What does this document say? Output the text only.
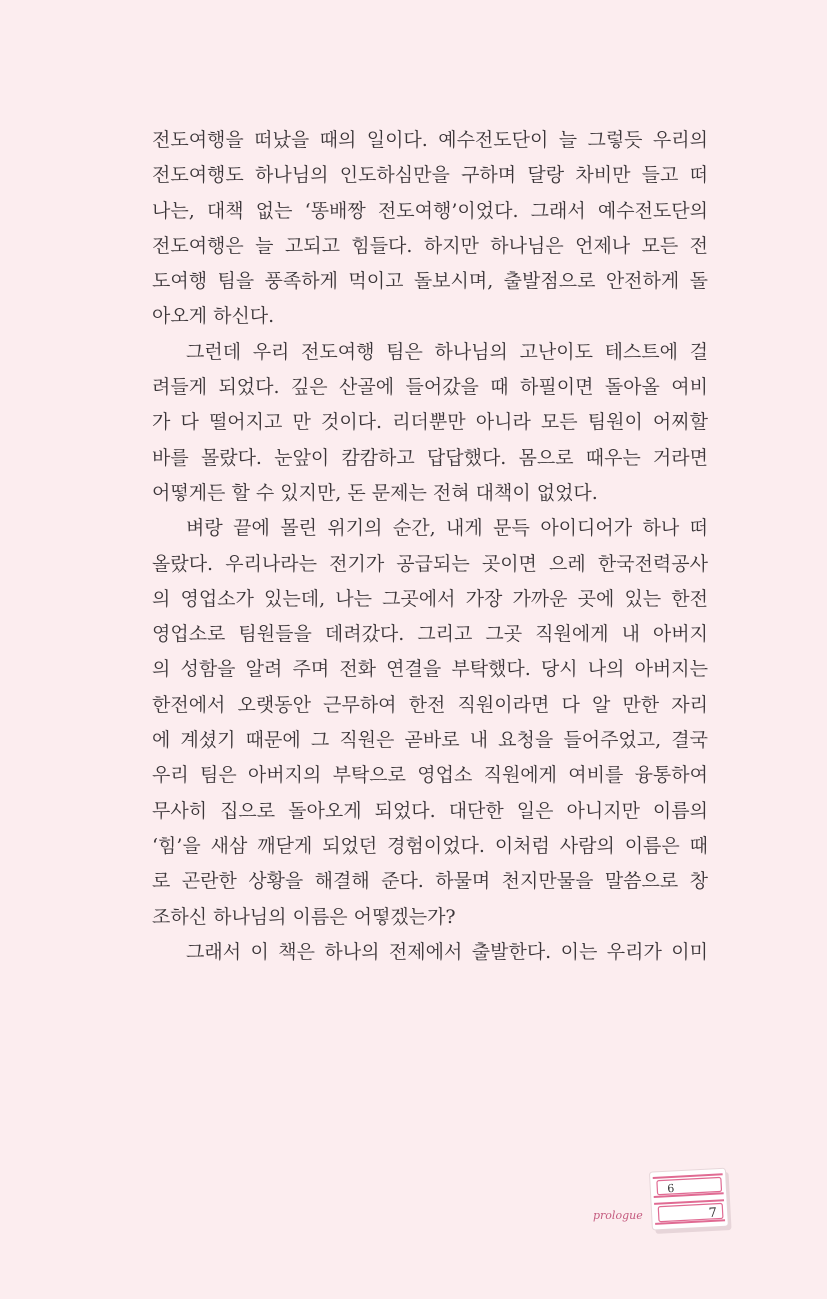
전도여행을 떠났을 때의 일이다. 예수전도단이 늘 그렇듯 우리의
전도여행도 하나님의 인도하심만을 구하며 달랑 차비만 들고 떠
나는, 대책 없는 ‘똥배짱 전도여행’이었다. 그래서 예수전도단의
전도여행은 늘 고되고 힘들다. 하지만 하나님은 언제나 모든 전
도여행 팀을 풍족하게 먹이고 돌보시며, 출발점으로 안전하게 돌
아오게 하신다.
그런데 우리 전도여행 팀은 하나님의 고난이도 테스트에 걸
려들게 되었다. 깊은 산골에 들어갔을 때 하필이면 돌아올 여비
가 다 떨어지고 만 것이다. 리더뿐만 아니라 모든 팀원이 어찌할
바를 몰랐다. 눈앞이 캄캄하고 답답했다. 몸으로 때우는 거라면
어떻게든 할 수 있지만, 돈 문제는 전혀 대책이 없었다.
벼랑 끝에 몰린 위기의 순간, 내게 문득 아이디어가 하나 떠
올랐다. 우리나라는 전기가 공급되는 곳이면 으레 한국전력공사
의 영업소가 있는데, 나는 그곳에서 가장 가까운 곳에 있는 한전
영업소로 팀원들을 데려갔다. 그리고 그곳 직원에게 내 아버지
의 성함을 알려 주며 전화 연결을 부탁했다. 당시 나의 아버지는
한전에서 오랫동안 근무하여 한전 직원이라면 다 알 만한 자리
에 계셨기 때문에 그 직원은 곧바로 내 요청을 들어주었고, 결국
우리 팀은 아버지의 부탁으로 영업소 직원에게 여비를 융통하여
무사히 집으로 돌아오게 되었다. 대단한 일은 아니지만 이름의
‘힘’을 새삼 깨닫게 되었던 경험이었다. 이처럼 사람의 이름은 때
로 곤란한 상황을 해결해 준다. 하물며 천지만물을 말씀으로 창
조하신 하나님의 이름은 어떻겠는가?
그래서 이 책은 하나의 전제에서 출발한다. 이는 우리가 이미
prologue
6
7
